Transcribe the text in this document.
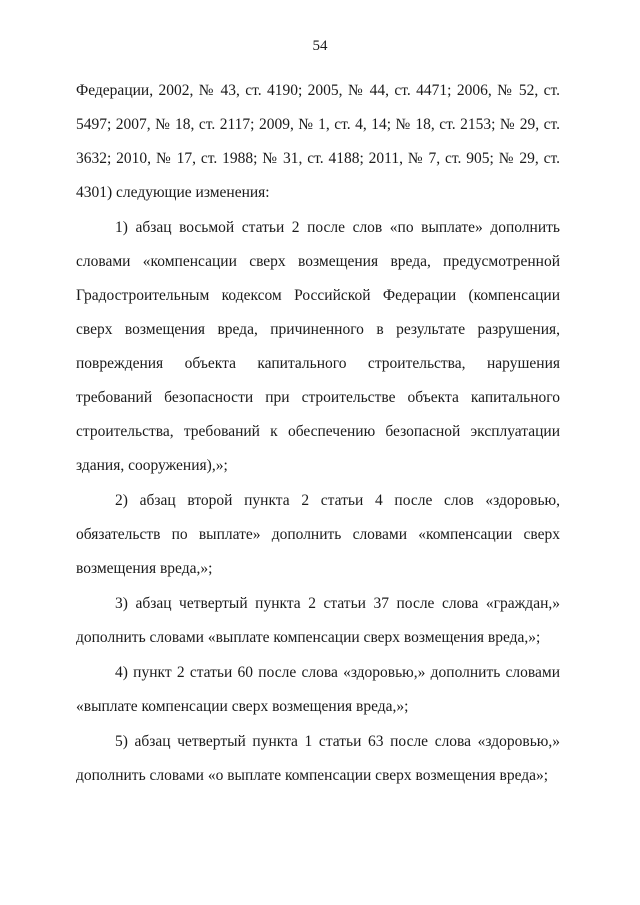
54

Федерации, 2002, № 43, ст. 4190; 2005, № 44, ст. 4471; 2006, № 52, ст. 5497; 2007, № 18, ст. 2117; 2009, № 1, ст. 4, 14; № 18, ст. 2153; № 29, ст. 3632; 2010, № 17, ст. 1988; № 31, ст. 4188; 2011, № 7, ст. 905; № 29, ст. 4301) следующие изменения:

1) абзац восьмой статьи 2 после слов «по выплате» дополнить словами «компенсации сверх возмещения вреда, предусмотренной Градостроительным кодексом Российской Федерации (компенсации сверх возмещения вреда, причиненного в результате разрушения, повреждения объекта капитального строительства, нарушения требований безопасности при строительстве объекта капитального строительства, требований к обеспечению безопасной эксплуатации здания, сооружения),»;

2) абзац второй пункта 2 статьи 4 после слов «здоровью, обязательств по выплате» дополнить словами «компенсации сверх возмещения вреда,»;

3) абзац четвертый пункта 2 статьи 37 после слова «граждан,» дополнить словами «выплате компенсации сверх возмещения вреда,»;

4) пункт 2 статьи 60 после слова «здоровью,» дополнить словами «выплате компенсации сверх возмещения вреда,»;

5) абзац четвертый пункта 1 статьи 63 после слова «здоровью,» дополнить словами «о выплате компенсации сверх возмещения вреда»;
